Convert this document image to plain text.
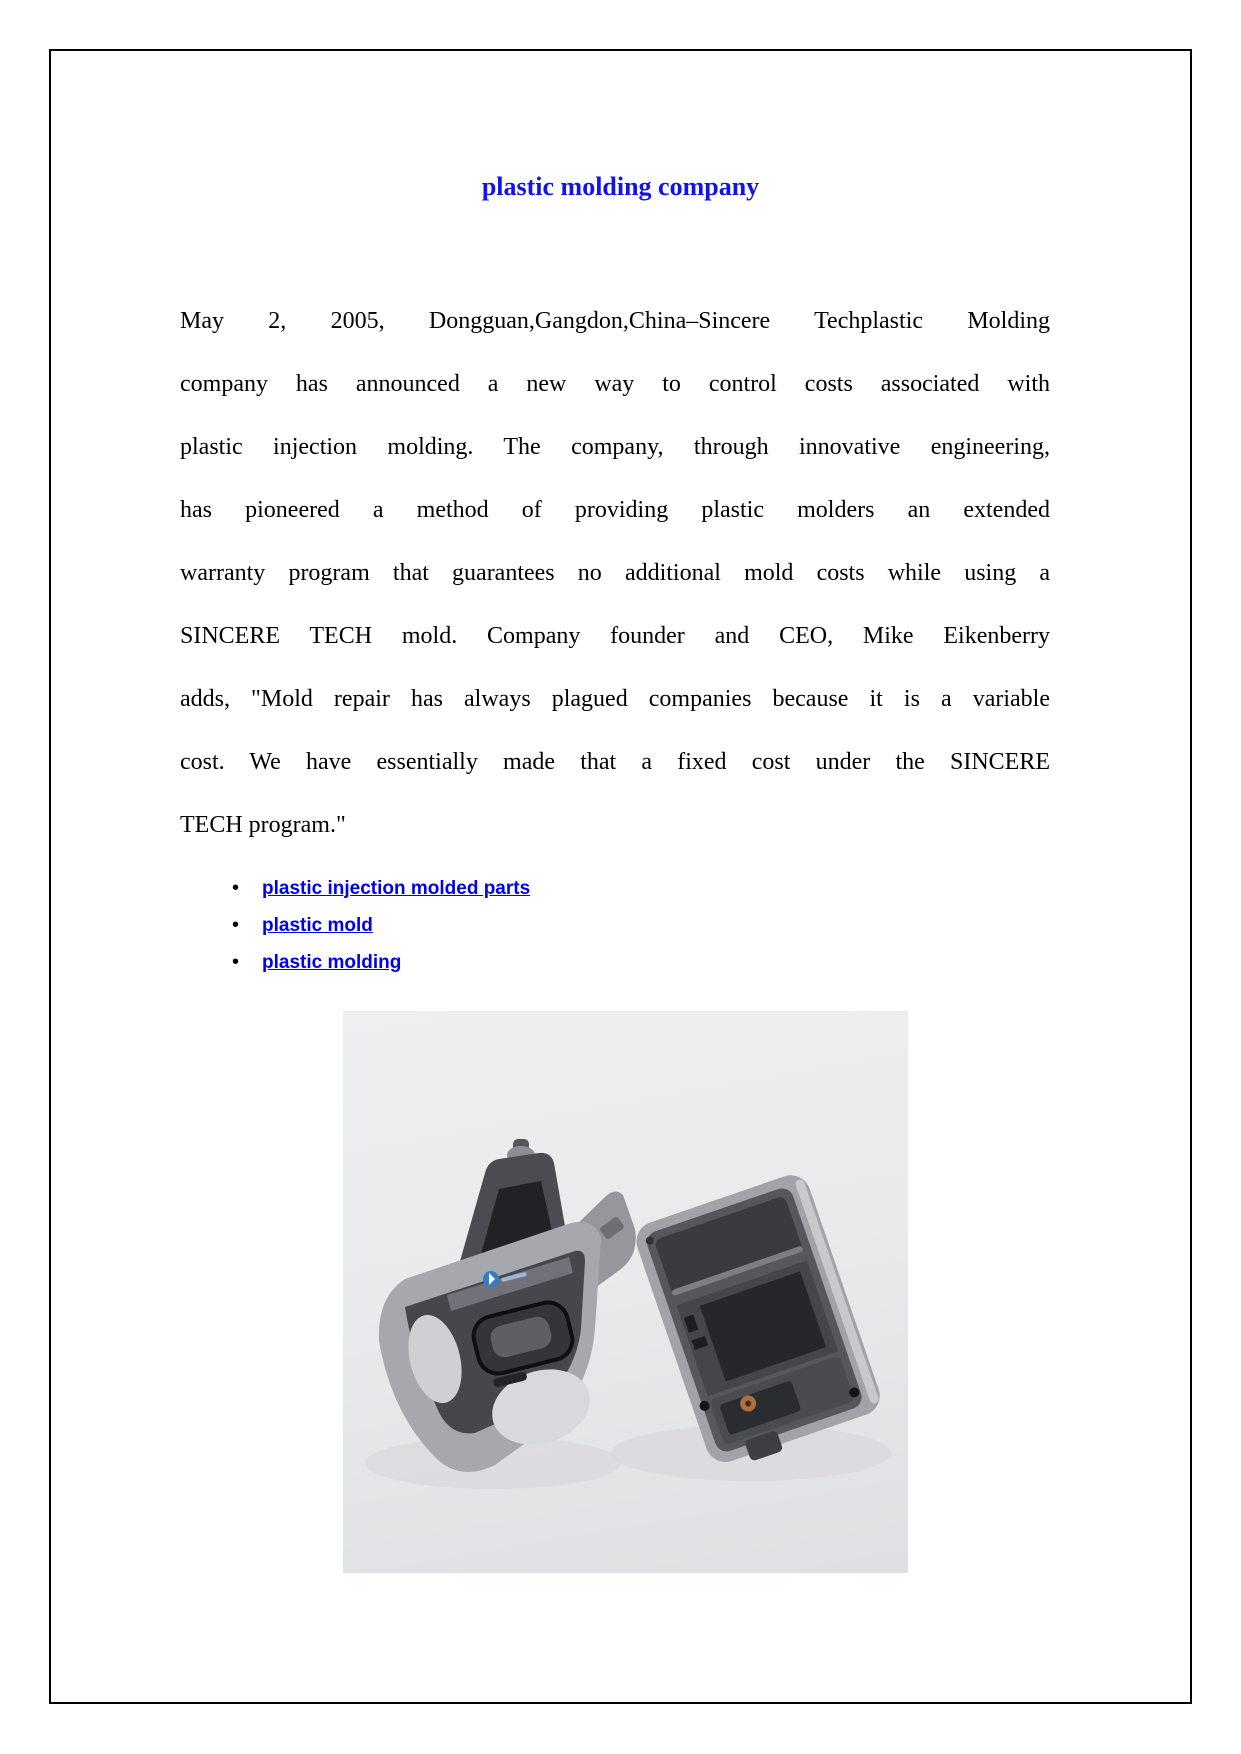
plastic molding company
May 2, 2005, Dongguan,Gangdon,China–Sincere Techplastic Molding
company has announced a new way to control costs associated with
plastic injection molding. The company, through innovative engineering,
has pioneered a method of providing plastic molders an extended
warranty program that guarantees no additional mold costs while using a
SINCERE TECH mold. Company founder and CEO, Mike Eikenberry
adds, "Mold repair has always plagued companies because it is a variable
cost. We have essentially made that a fixed cost under the SINCERE
TECH program."
•	plastic injection molded parts
•	plastic mold
•	plastic molding
